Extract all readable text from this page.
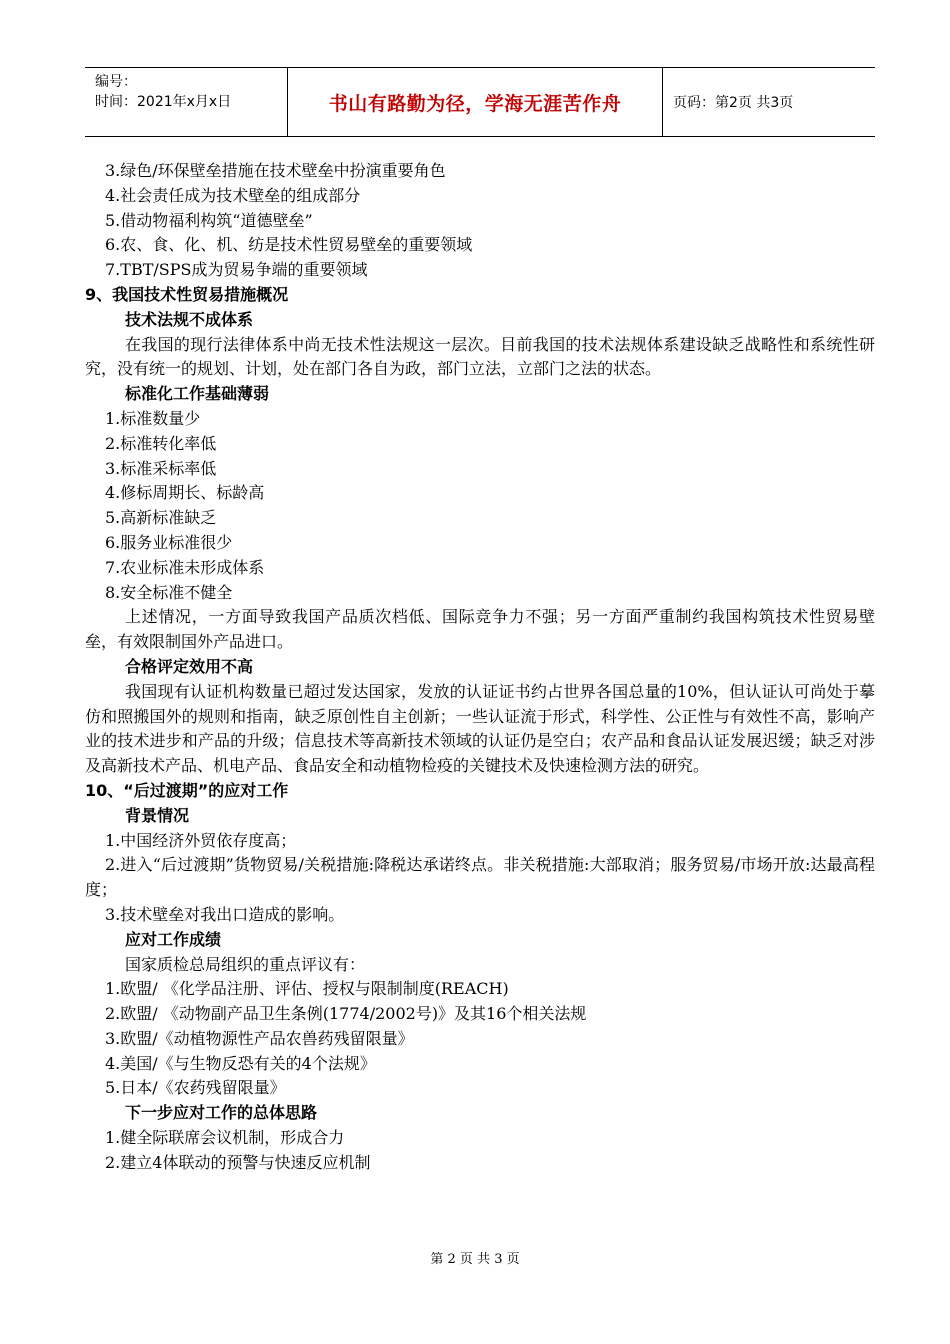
编号：
时间：2021年x月x日	书山有路勤为径，学海无涯苦作舟	页码：第2页 共3页
3.绿色/环保壁垒措施在技术壁垒中扮演重要角色
4.社会责任成为技术壁垒的组成部分
5.借动物福利构筑“道德壁垒”
6.农、食、化、机、纺是技术性贸易壁垒的重要领域
7.TBT/SPS成为贸易争端的重要领域
9、我国技术性贸易措施概况
技术法规不成体系
在我国的现行法律体系中尚无技术性法规这一层次。目前我国的技术法规体系建设缺乏战略性和系统性研究，没有统一的规划、计划，处在部门各自为政，部门立法，立部门之法的状态。
标准化工作基础薄弱
1.标准数量少
2.标准转化率低
3.标准采标率低
4.修标周期长、标龄高
5.高新标准缺乏
6.服务业标准很少
7.农业标准未形成体系
8.安全标准不健全
上述情况，一方面导致我国产品质次档低、国际竞争力不强；另一方面严重制约我国构筑技术性贸易壁垒，有效限制国外产品进口。
合格评定效用不高
我国现有认证机构数量已超过发达国家，发放的认证证书约占世界各国总量的10%，但认证认可尚处于摹仿和照搬国外的规则和指南，缺乏原创性自主创新；一些认证流于形式，科学性、公正性与有效性不高，影响产业的技术进步和产品的升级；信息技术等高新技术领域的认证仍是空白；农产品和食品认证发展迟缓；缺乏对涉及高新技术产品、机电产品、食品安全和动植物检疫的关键技术及快速检测方法的研究。
10、“后过渡期”的应对工作
背景情况
1.中国经济外贸依存度高；
2.进入“后过渡期”货物贸易/关税措施:降税达承诺终点。非关税措施:大部取消；服务贸易/市场开放:达最高程度；
3.技术壁垒对我出口造成的影响。
应对工作成绩
国家质检总局组织的重点评议有：
1.欧盟/ 《化学品注册、评估、授权与限制制度(REACH)
2.欧盟/ 《动物副产品卫生条例(1774/2002号)》及其16个相关法规
3.欧盟/《动植物源性产品农兽药残留限量》
4.美国/《与生物反恐有关的4个法规》
5.日本/《农药残留限量》
下一步应对工作的总体思路
1.健全际联席会议机制，形成合力
2.建立4体联动的预警与快速反应机制
第 2 页 共 3 页
